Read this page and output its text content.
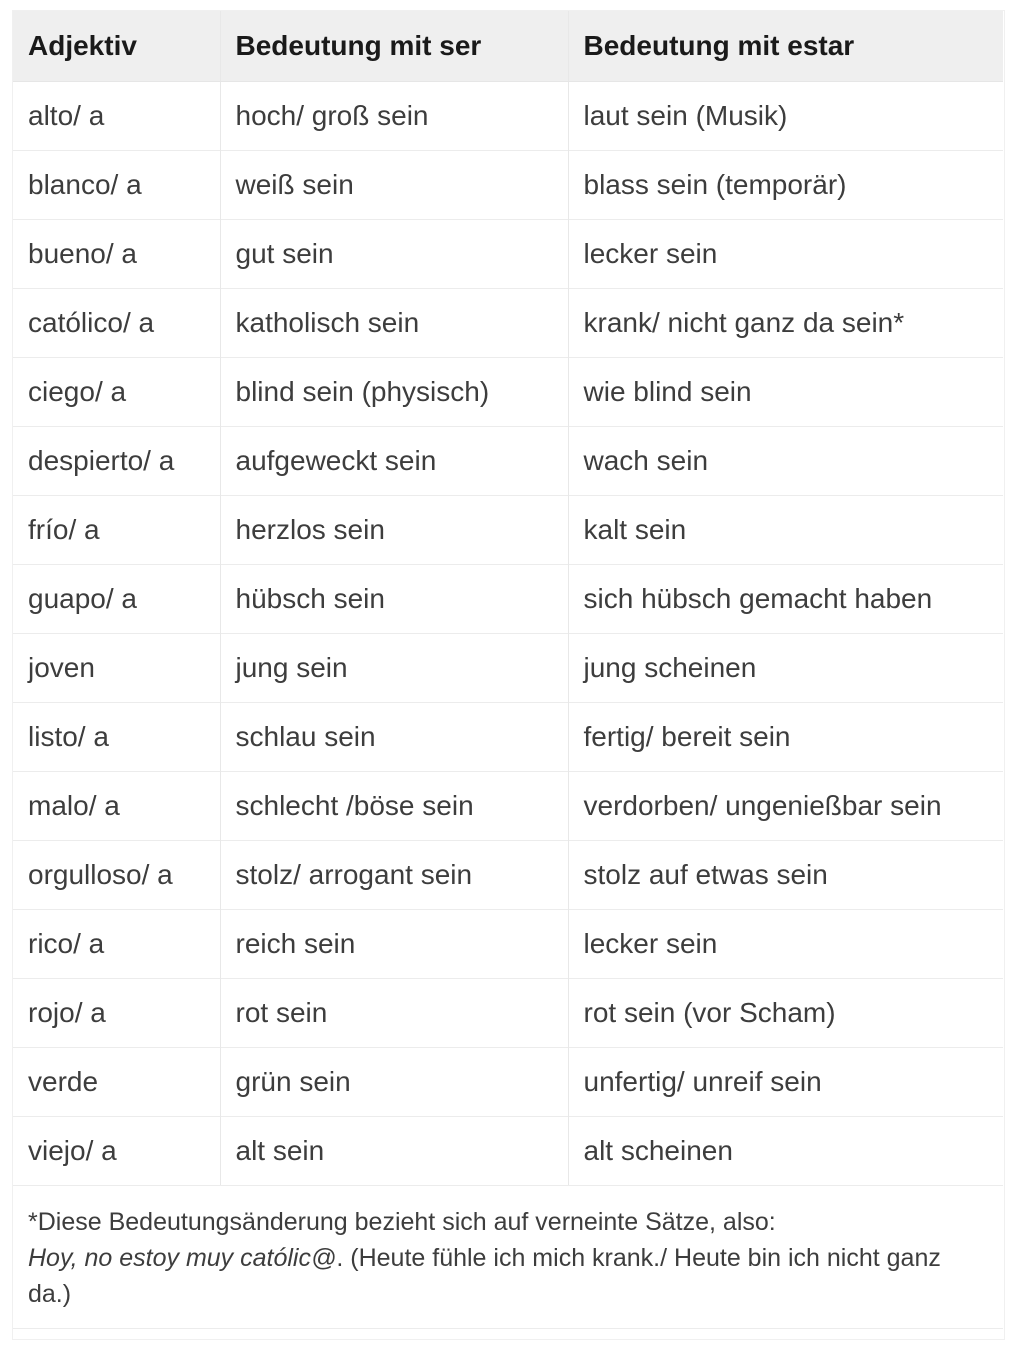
Adjektiv	Bedeutung mit ser	Bedeutung mit estar
alto/ a	hoch/ groß sein	laut sein (Musik)
blanco/ a	weiß sein	blass sein (temporär)
bueno/ a	gut sein	lecker sein
católico/ a	katholisch sein	krank/ nicht ganz da sein*
ciego/ a	blind sein (physisch)	wie blind sein
despierto/ a	aufgeweckt sein	wach sein
frío/ a	herzlos sein	kalt sein
guapo/ a	hübsch sein	sich hübsch gemacht haben
joven	jung sein	jung scheinen
listo/ a	schlau sein	fertig/ bereit sein
malo/ a	schlecht /böse sein	verdorben/ ungenießbar sein
orgulloso/ a	stolz/ arrogant sein	stolz auf etwas sein
rico/ a	reich sein	lecker sein
rojo/ a	rot sein	rot sein (vor Scham)
verde	grün sein	unfertig/ unreif sein
viejo/ a	alt sein	alt scheinen
*Diese Bedeutungsänderung bezieht sich auf verneinte Sätze, also:
Hoy, no estoy muy católic@. (Heute fühle ich mich krank./ Heute bin ich nicht ganz da.)
